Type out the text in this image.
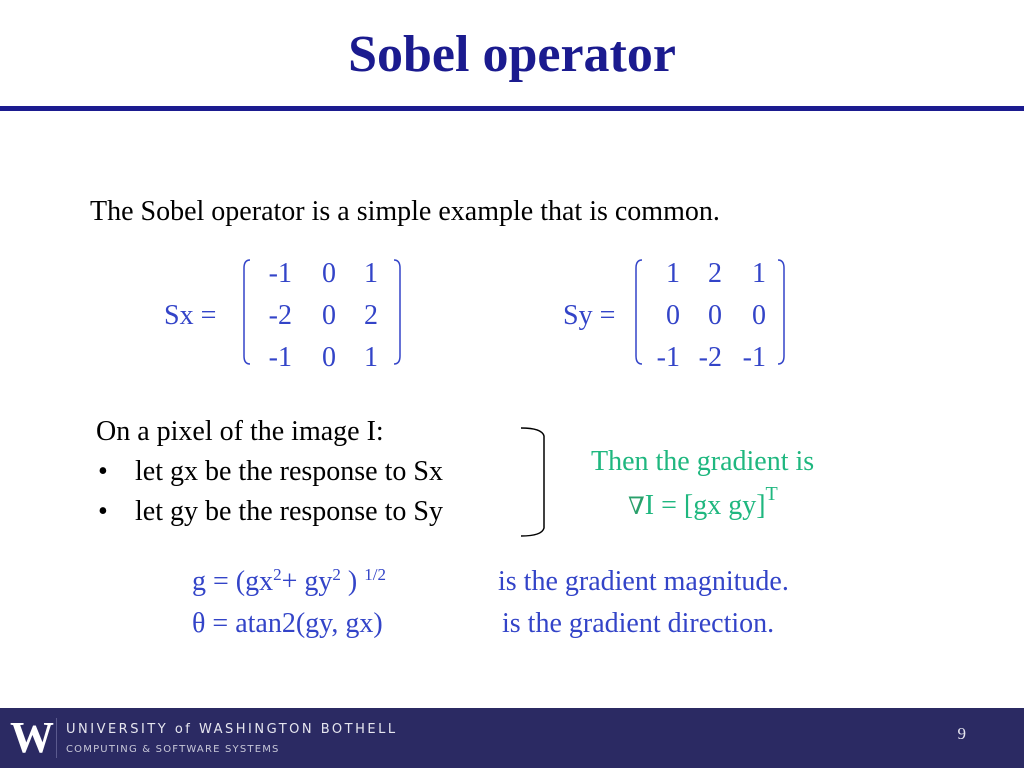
Sobel operator
The Sobel operator is a simple example that is common.
Sx =
-1	0	1
-2	0	2
-1	0	1
Sy =
1	2	1
0	0	0
-1 -2 -1
On a pixel of the image I:
• let gx be the response to Sx
• let gy be the response to Sy
Then the gradient is
∇I = [gx gy]$^T$
$g = (gx^2+ gy^2$ ) $^{1/2}$	is the gradient magnitude.
θ = atan2(gy, gx)	is the gradient direction.
W UNIVERSITY of WASHINGTON BOTHELL
COMPUTING & SOFTWARE SYSTEMS
9
